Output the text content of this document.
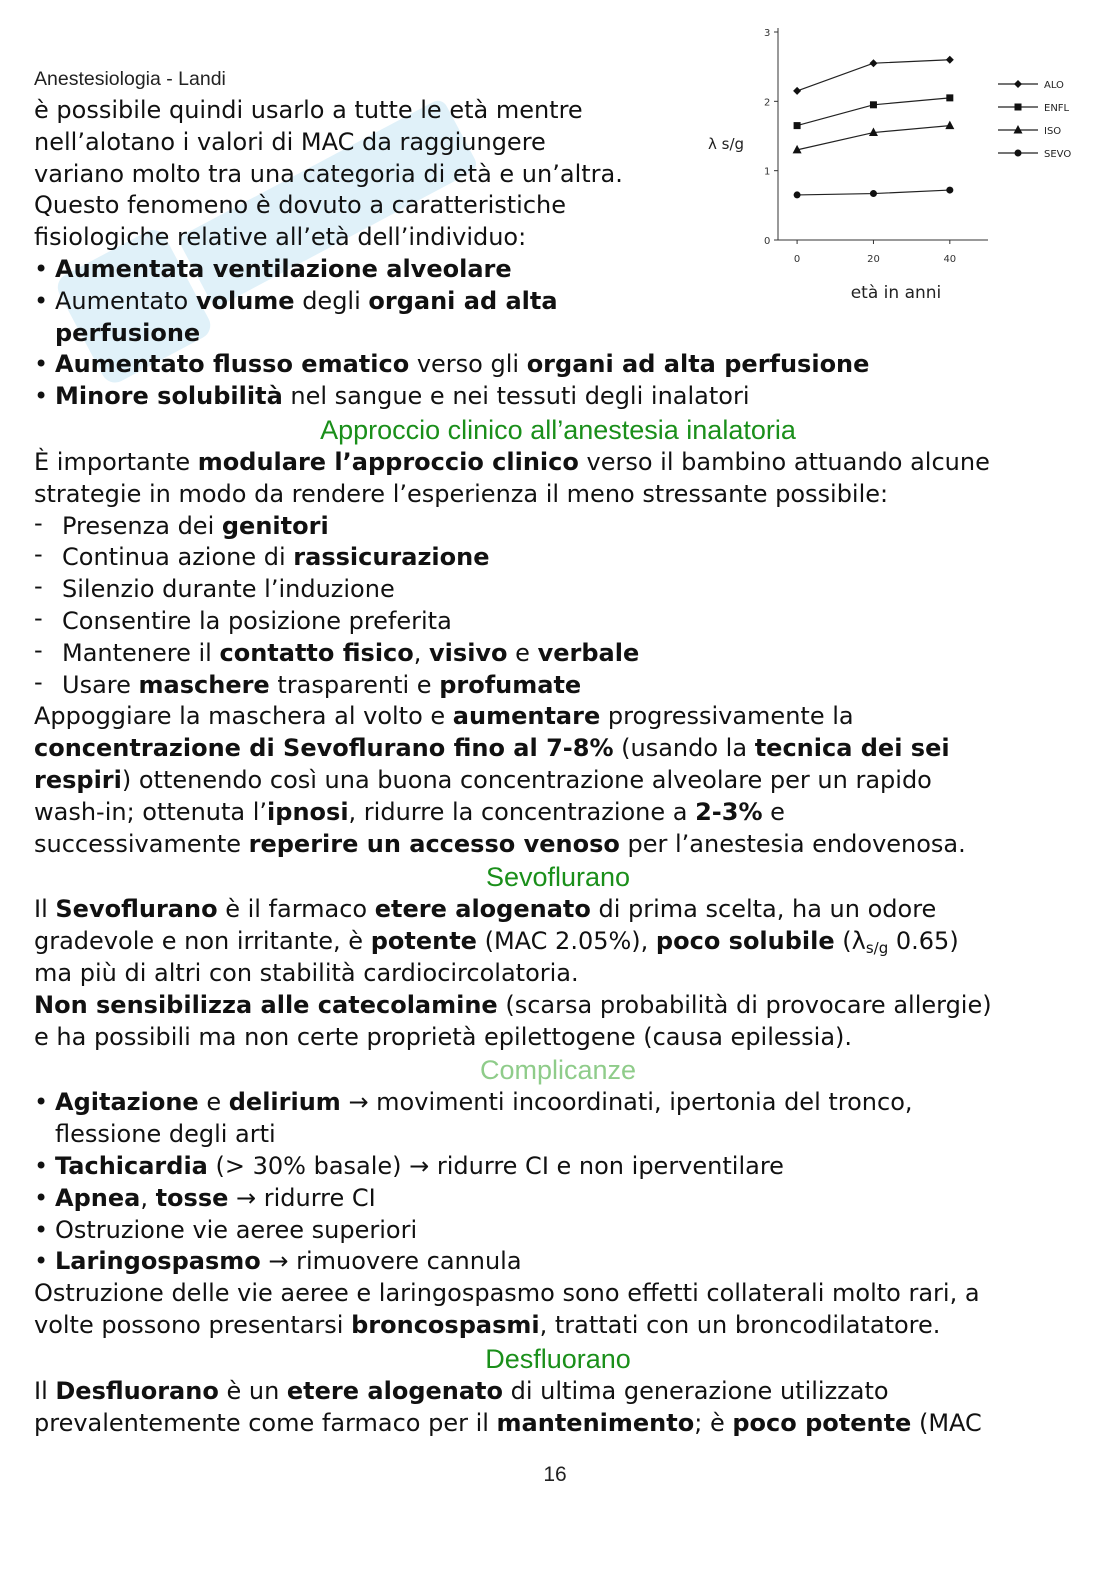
Anestesiologia - Landi
è possibile quindi usarlo a tutte le età mentre
nell’alotano i valori di MAC da raggiungere
variano molto tra una categoria di età e un’altra.
Questo fenomeno è dovuto a caratteristiche
fisiologiche relative all’età dell’individuo:
• Aumentata ventilazione alveolare
• Aumentato volume degli organi ad alta
perfusione
• Aumentato flusso ematico verso gli organi ad alta perfusione
• Minore solubilità nel sangue e nei tessuti degli inalatori
Approccio clinico all’anestesia inalatoria
È importante modulare l’approccio clinico verso il bambino attuando alcune
strategie in modo da rendere l’esperienza il meno stressante possibile:
- Presenza dei genitori
- Continua azione di rassicurazione
- Silenzio durante l’induzione
- Consentire la posizione preferita
- Mantenere il contatto fisico, visivo e verbale
- Usare maschere trasparenti e profumate
Appoggiare la maschera al volto e aumentare progressivamente la
concentrazione di Sevoflurano fino al 7-8% (usando la tecnica dei sei
respiri) ottenendo così una buona concentrazione alveolare per un rapido
wash-in; ottenuta l’ipnosi, ridurre la concentrazione a 2-3% e
successivamente reperire un accesso venoso per l’anestesia endovenosa.
Sevoflurano
Il Sevoflurano è il farmaco etere alogenato di prima scelta, ha un odore
gradevole e non irritante, è potente (MAC 2.05%), poco solubile ($\lambda_{s/g}$ 0.65)
ma più di altri con stabilità cardiocircolatoria.
Non sensibilizza alle catecolamine (scarsa probabilità di provocare allergie)
e ha possibili ma non certe proprietà epilettogene (causa epilessia).
Complicanze
• Agitazione e delirium → movimenti incoordinati, ipertonia del tronco,
flessione degli arti
• Tachicardia (> 30% basale) → ridurre CI e non iperventilare
• Apnea, tosse → ridurre CI
• Ostruzione vie aeree superiori
• Laringospasmo → rimuovere cannula
Ostruzione delle vie aeree e laringospasmo sono effetti collaterali molto rari, a
volte possono presentarsi broncospasmi, trattati con un broncodilatatore.
Desfluorano
Il Desfluorano è un etere alogenato di ultima generazione utilizzato
prevalentemente come farmaco per il mantenimento; è poco potente (MAC
0
1
2
3
0	20	40
λ s/g
età in anni
ALO
ENFL
ISO
SEVO
16
